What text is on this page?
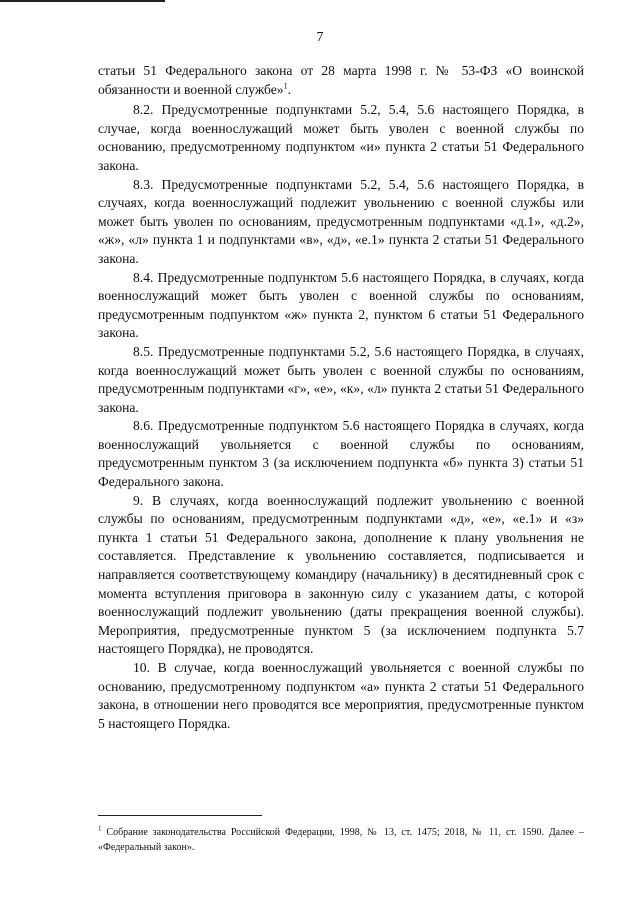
7

статьи 51 Федерального закона от 28 марта 1998 г. № 53-ФЗ «О воинской обязанности и военной службе»$^1$.

8.2. Предусмотренные подпунктами 5.2, 5.4, 5.6 настоящего Порядка, в случае, когда военнослужащий может быть уволен с военной службы по основанию, предусмотренному подпунктом «и» пункта 2 статьи 51 Федерального закона.

8.3. Предусмотренные подпунктами 5.2, 5.4, 5.6 настоящего Порядка, в случаях, когда военнослужащий подлежит увольнению с военной службы или может быть уволен по основаниям, предусмотренным подпунктами «д.1», «д.2», «ж», «л» пункта 1 и подпунктами «в», «д», «е.1» пункта 2 статьи 51 Федерального закона.

8.4. Предусмотренные подпунктом 5.6 настоящего Порядка, в случаях, когда военнослужащий может быть уволен с военной службы по основаниям, предусмотренным подпунктом «ж» пункта 2, пунктом 6 статьи 51 Федерального закона.

8.5. Предусмотренные подпунктами 5.2, 5.6 настоящего Порядка, в случаях, когда военнослужащий может быть уволен с военной службы по основаниям, предусмотренным подпунктами «г», «е», «к», «л» пункта 2 статьи 51 Федерального закона.

8.6. Предусмотренные подпунктом 5.6 настоящего Порядка в случаях, когда военнослужащий увольняется с военной службы по основаниям, предусмотренным пунктом 3 (за исключением подпункта «б» пункта 3) статьи 51 Федерального закона.

9. В случаях, когда военнослужащий подлежит увольнению с военной службы по основаниям, предусмотренным подпунктами «д», «е», «е.1» и «з» пункта 1 статьи 51 Федерального закона, дополнение к плану увольнения не составляется. Представление к увольнению составляется, подписывается и направляется соответствующему командиру (начальнику) в десятидневный срок с момента вступления приговора в законную силу с указанием даты, с которой военнослужащий подлежит увольнению (даты прекращения военной службы). Мероприятия, предусмотренные пунктом 5 (за исключением подпункта 5.7 настоящего Порядка), не проводятся.

10. В случае, когда военнослужащий увольняется с военной службы по основанию, предусмотренному подпунктом «а» пункта 2 статьи 51 Федерального закона, в отношении него проводятся все мероприятия, предусмотренные пунктом 5 настоящего Порядка.

$^1$ Собрание законодательства Российской Федерации, 1998, № 13, ст. 1475; 2018, № 11, ст. 1590. Далее – «Федеральный закон».
